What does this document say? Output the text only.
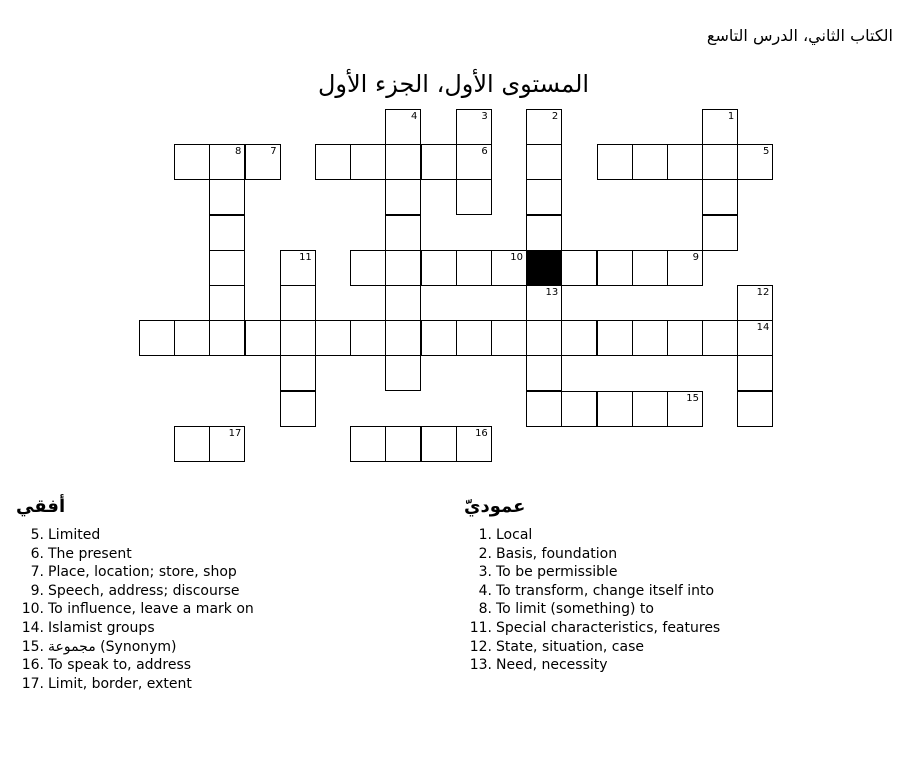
الكتاب الثاني، الدرس التاسع
المستوى الأول، الجزء الأول
4	3	2	1
8	7	6	5
11	10	9
13	12
14
15
17	16
أفقي
5. Limited
6. The present
7. Place, location; store, shop
9. Speech, address; discourse
10. To influence, leave a mark on
14. Islamist groups
15. مجموعة (Synonym)
16. To speak to, address
17. Limit, border, extent
عموديّ
1. Local
2. Basis, foundation
3. To be permissible
4. To transform, change itself into
8. To limit (something) to
11. Special characteristics, features
12. State, situation, case
13. Need, necessity
